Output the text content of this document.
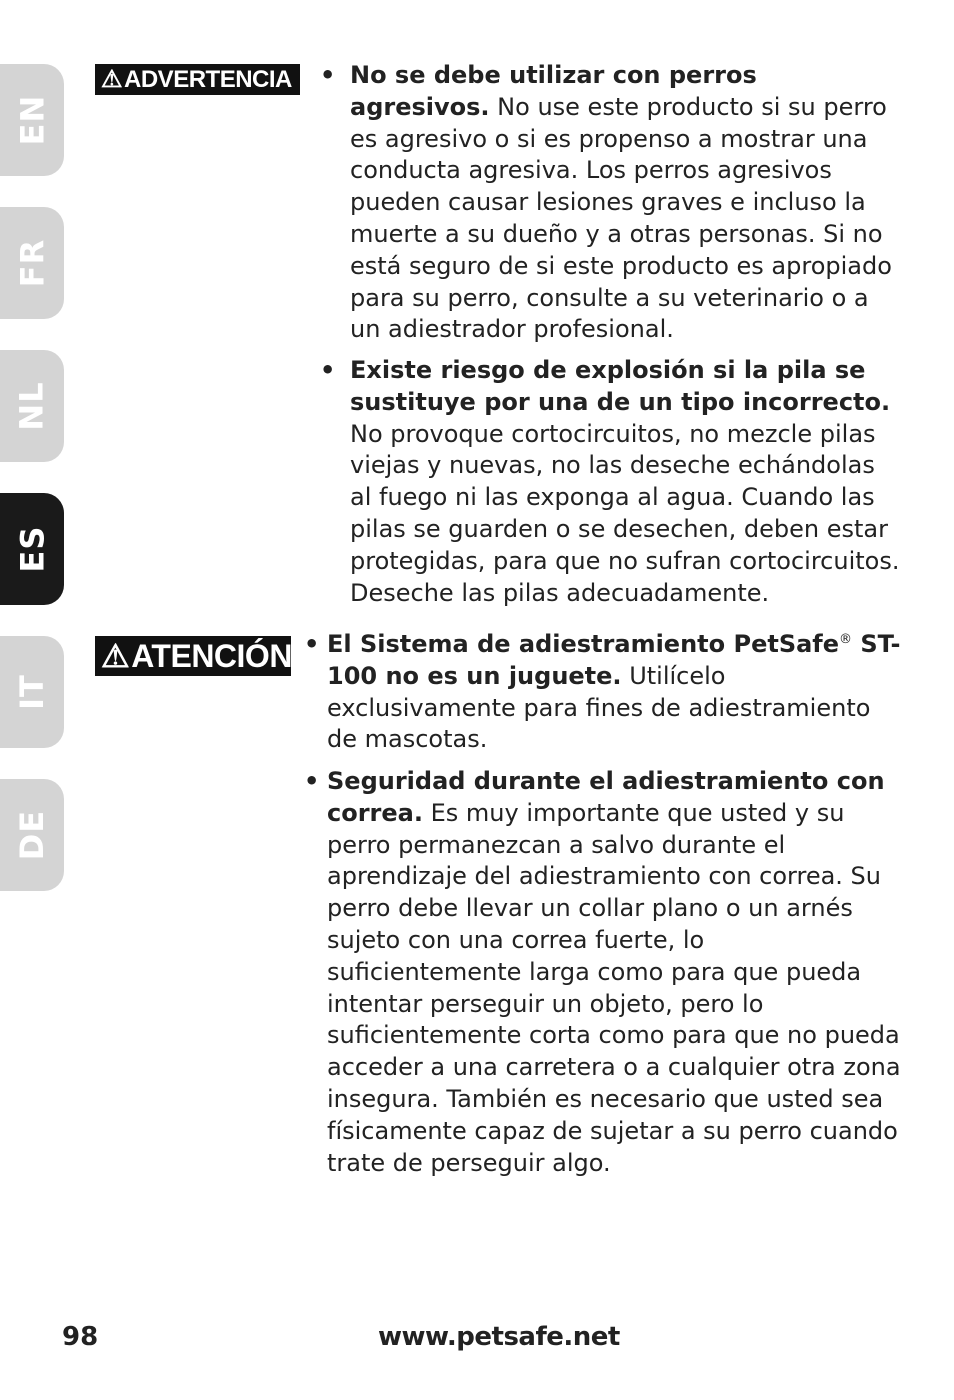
EN
FR
NL
ES
IT
DE
⚠ ADVERTENCIA • No se debe utilizar con perros agresivos. No use este producto si su perro es agresivo o si es propenso a mostrar una conducta agresiva. Los perros agresivos pueden causar lesiones graves e incluso la muerte a su dueño y a otras personas. Si no está seguro de si este producto es apropiado para su perro, consulte a su veterinario o a un adiestrador profesional.

• Existe riesgo de explosión si la pila se sustituye por una de un tipo incorrecto. No provoque cortocircuitos, no mezcle pilas viejas y nuevas, no las deseche echándolas al fuego ni las exponga al agua. Cuando las pilas se guarden o se desechen, deben estar protegidas, para que no sufran cortocircuitos. Deseche las pilas adecuadamente.

⚠ ATENCIÓN • El Sistema de adiestramiento PetSafe® ST-100 no es un juguete. Utilícelo exclusivamente para fines de adiestramiento de mascotas.

• Seguridad durante el adiestramiento con correa. Es muy importante que usted y su perro permanezcan a salvo durante el aprendizaje del adiestramiento con correa. Su perro debe llevar un collar plano o un arnés sujeto con una correa fuerte, lo suficientemente larga como para que pueda intentar perseguir un objeto, pero lo suficientemente corta como para que no pueda acceder a una carretera o a cualquier otra zona insegura. También es necesario que usted sea físicamente capaz de sujetar a su perro cuando trate de perseguir algo.

98	www.petsafe.net
